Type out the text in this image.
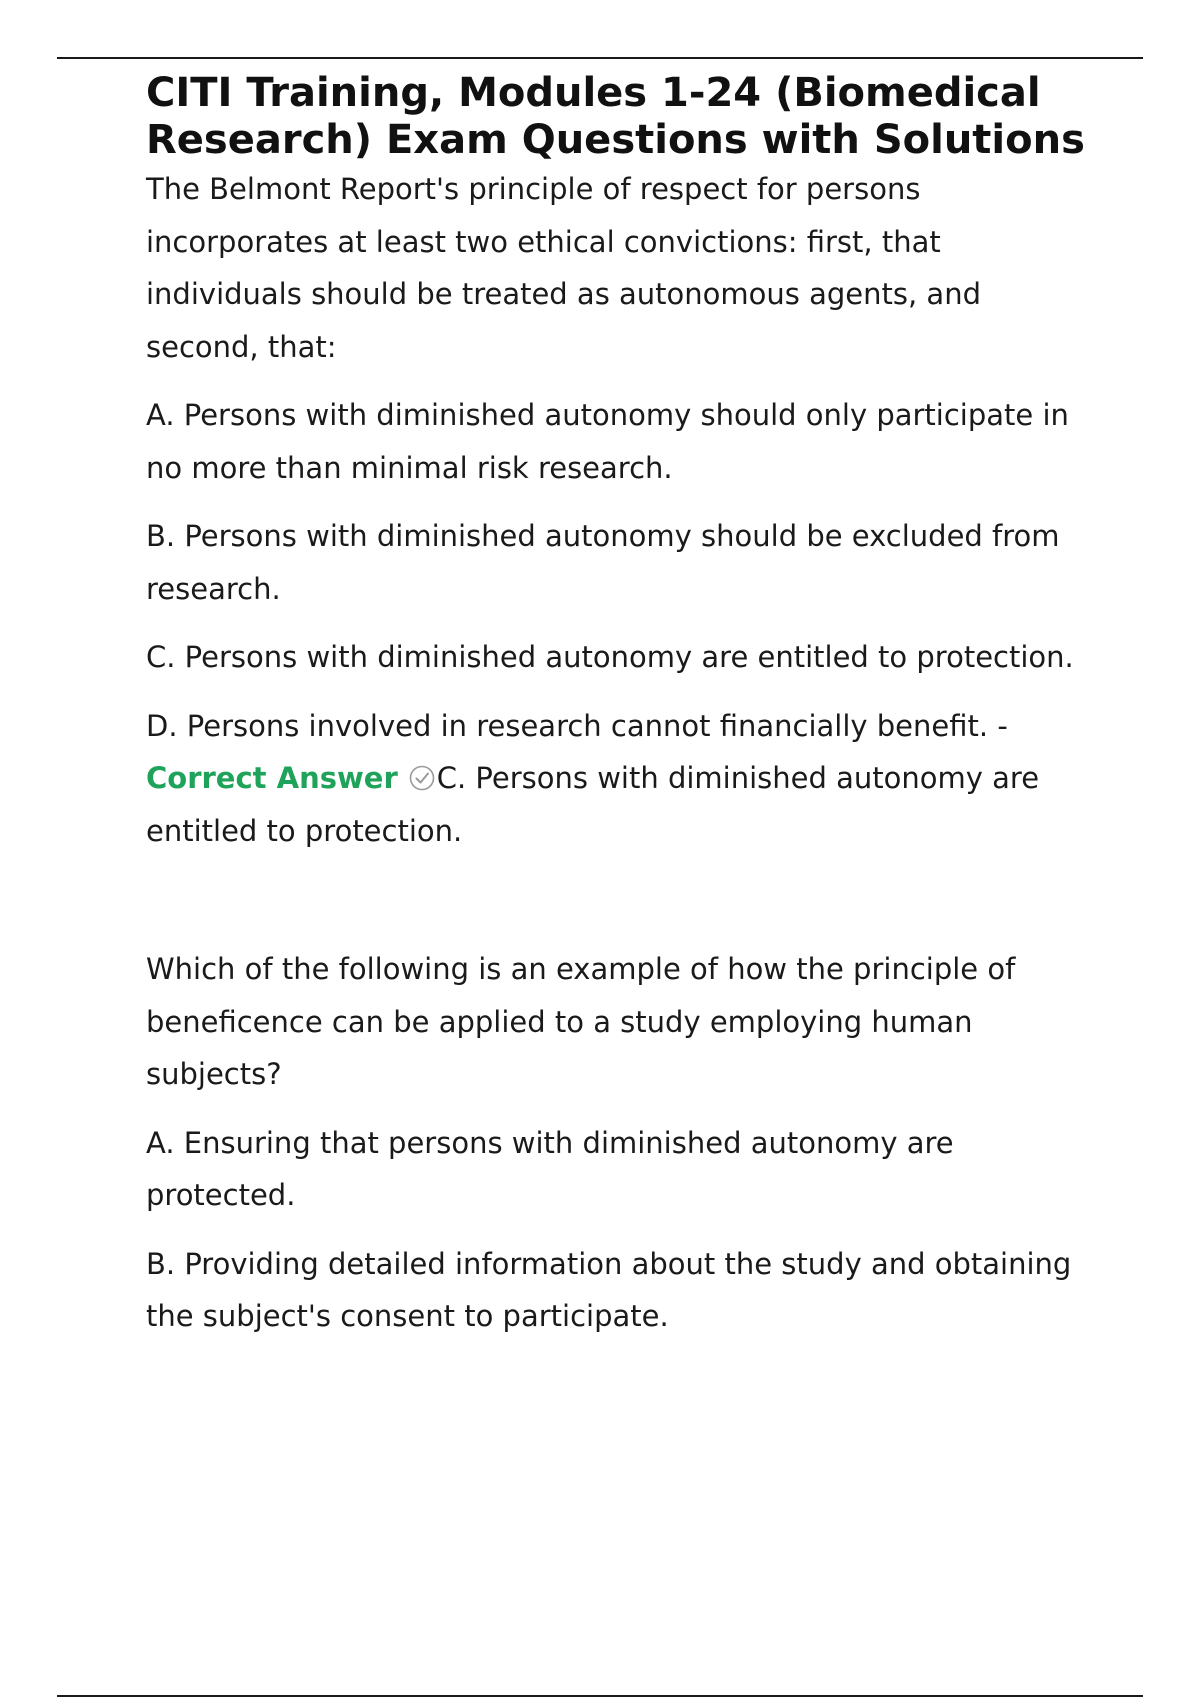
CITI Training, Modules 1-24 (Biomedical Research) Exam Questions with Solutions

The Belmont Report's principle of respect for persons incorporates at least two ethical convictions: first, that individuals should be treated as autonomous agents, and second, that:

A. Persons with diminished autonomy should only participate in no more than minimal risk research.

B. Persons with diminished autonomy should be excluded from research.

C. Persons with diminished autonomy are entitled to protection.

D. Persons involved in research cannot financially benefit. - Correct Answer C. Persons with diminished autonomy are entitled to protection.

Which of the following is an example of how the principle of beneficence can be applied to a study employing human subjects?

A. Ensuring that persons with diminished autonomy are protected.

B. Providing detailed information about the study and obtaining the subject's consent to participate.
